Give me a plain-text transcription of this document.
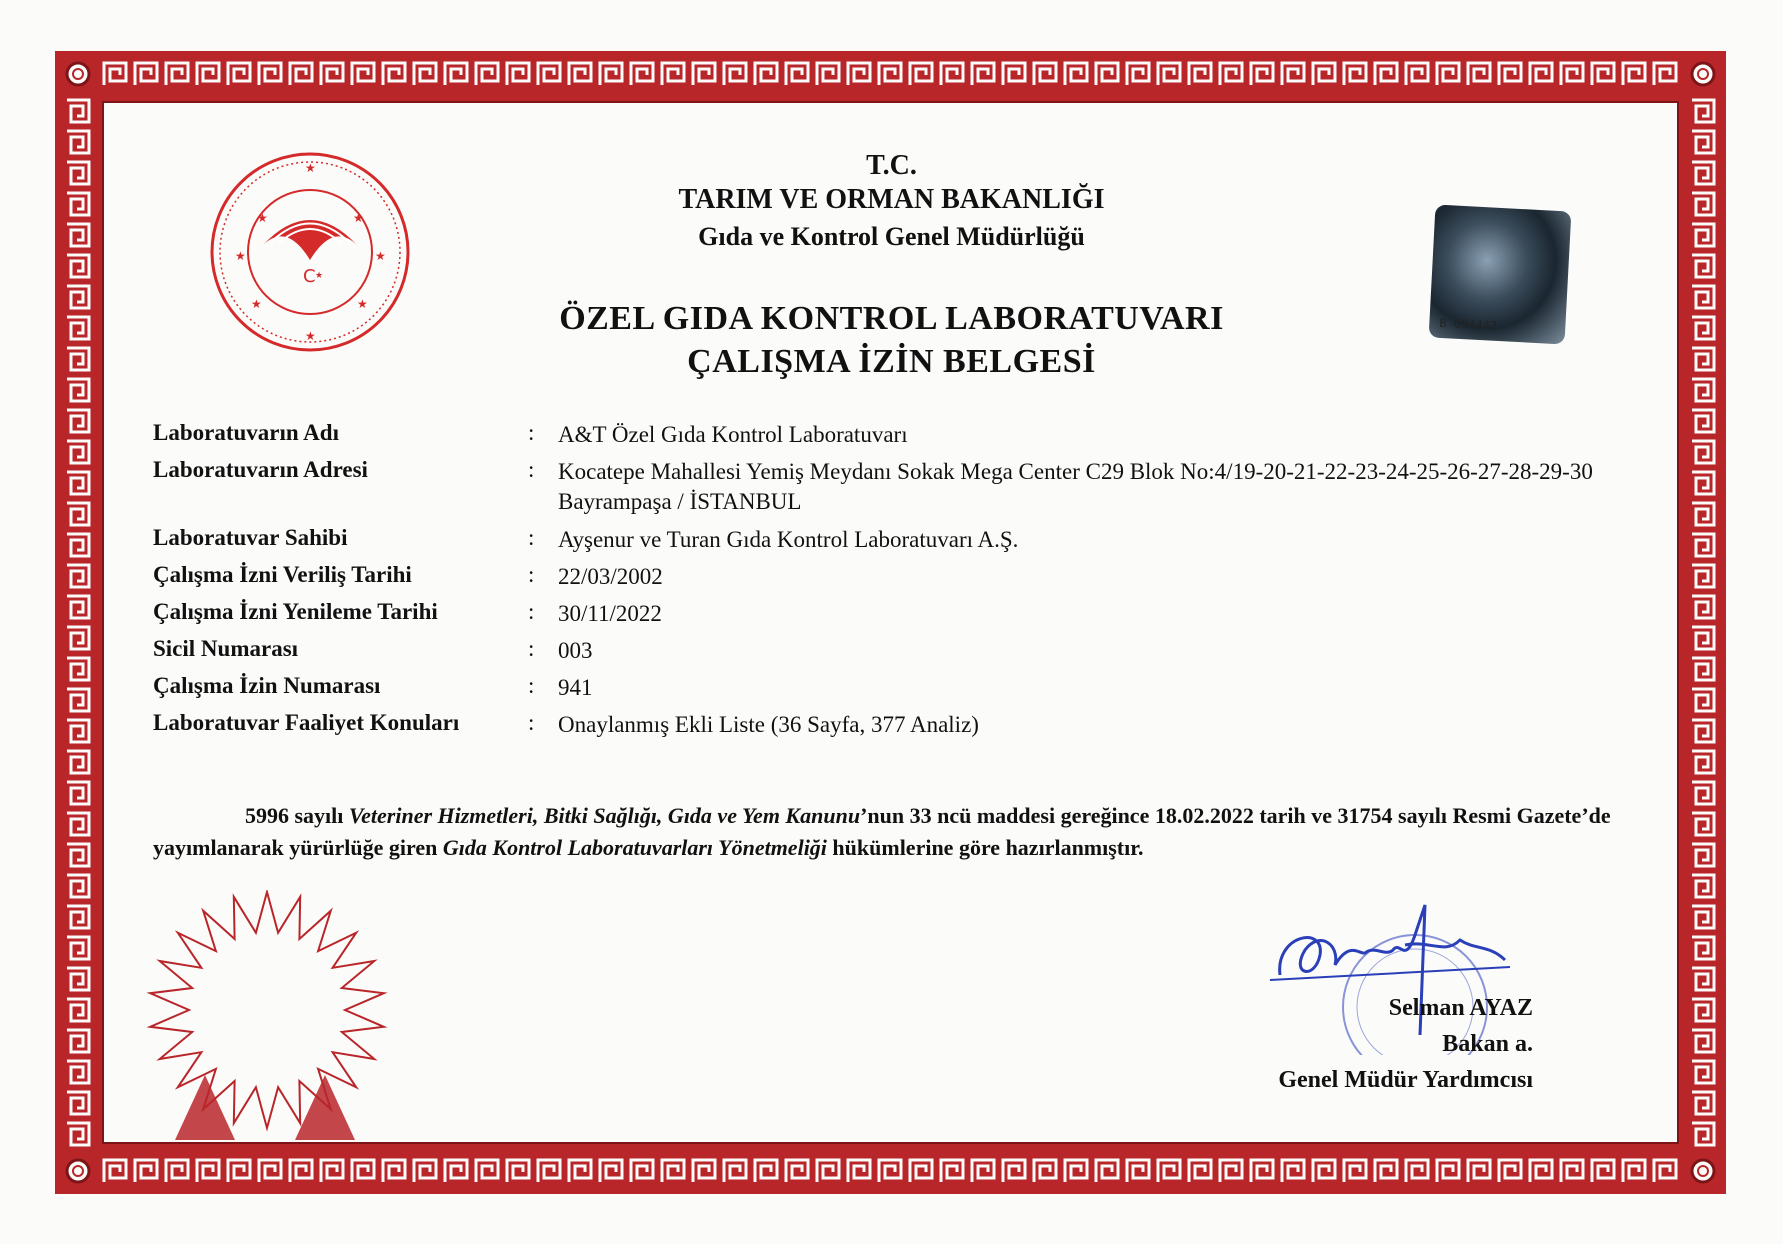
C ★
★	★
★	★
★	★
★
★
B 094442
T.C.
TARIM VE ORMAN BAKANLIĞI
Gıda ve Kontrol Genel Müdürlüğü
ÖZEL GIDA KONTROL LABORATUVARI
ÇALIŞMA İZİN BELGESİ
Laboratuvarın Adı	: A&T Özel Gıda Kontrol Laboratuvarı
Laboratuvarın Adresi	: Kocatepe Mahallesi Yemiş Meydanı Sokak Mega Center C29 Blok No:4/19-20-21-22-23-24-25-26-27-28-29-30 Bayrampaşa / İSTANBUL
Laboratuvar Sahibi	: Ayşenur ve Turan Gıda Kontrol Laboratuvarı A.Ş.
Çalışma İzni Veriliş Tarihi	: 22/03/2002
Çalışma İzni Yenileme Tarihi	: 30/11/2022
Sicil Numarası	: 003
Çalışma İzin Numarası	: 941
Laboratuvar Faaliyet Konuları	: Onaylanmış Ekli Liste (36 Sayfa, 377 Analiz)
5996 sayılı Veteriner Hizmetleri, Bitki Sağlığı, Gıda ve Yem Kanunu’nun 33 ncü maddesi gereğince 18.02.2022 tarih ve 31754 sayılı Resmi Gazete’de yayımlanarak yürürlüğe giren Gıda Kontrol Laboratuvarları Yönetmeliği hükümlerine göre hazırlanmıştır.
Selman AYAZ
Bakan a.
Genel Müdür Yardımcısı
